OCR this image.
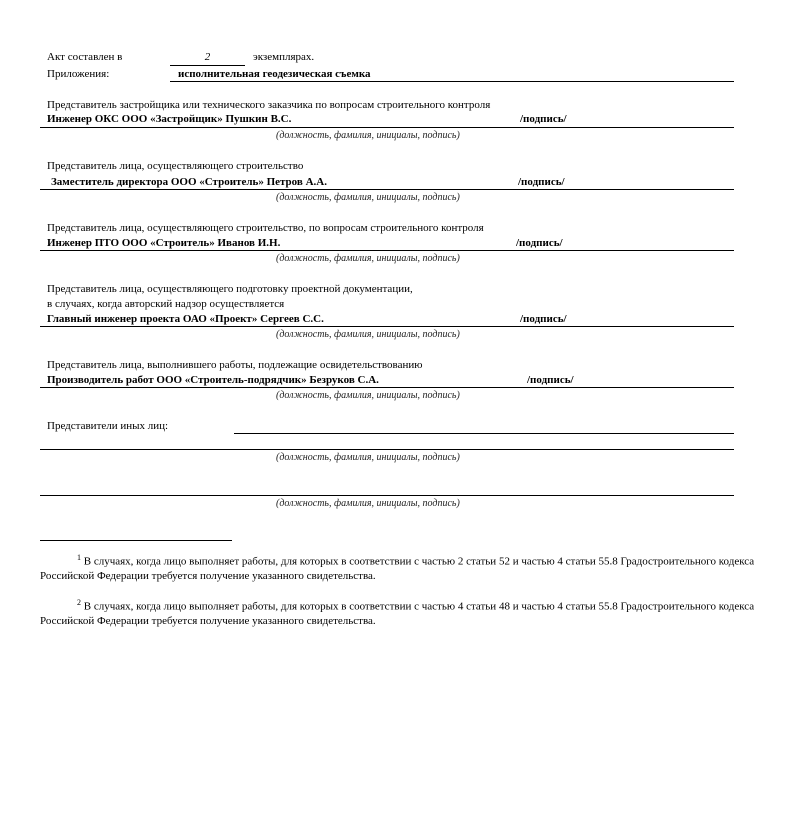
Акт составлен в	2	экземплярах.
Приложения:	исполнительная геодезическая съемка
Представитель застройщика или технического заказчика по вопросам строительного контроля
Инженер ОКС ООО «Застройщик» Пушкин В.С.	/подпись/
(должность, фамилия, инициалы, подпись)
Представитель лица, осуществляющего строительство
Заместитель директора ООО «Строитель» Петров А.А.	/подпись/
(должность, фамилия, инициалы, подпись)
Представитель лица, осуществляющего строительство, по вопросам строительного контроля
Инженер ПТО ООО «Строитель» Иванов И.Н.	/подпись/
(должность, фамилия, инициалы, подпись)
Представитель лица, осуществляющего подготовку проектной документации,
в случаях, когда авторский надзор осуществляется
Главный инженер проекта ОАО «Проект» Сергеев С.С.	/подпись/
(должность, фамилия, инициалы, подпись)
Представитель лица, выполнившего работы, подлежащие освидетельствованию
Производитель работ ООО «Строитель-подрядчик» Безруков С.А.	/подпись/
(должность, фамилия, инициалы, подпись)
Представители иных лиц:
(должность, фамилия, инициалы, подпись)
(должность, фамилия, инициалы, подпись)
$^1$ В случаях, когда лицо выполняет работы, для которых в соответствии с частью 2 статьи 52 и частью 4 статьи 55.8 Градостроительного кодекса Российской Федерации требуется получение указанного свидетельства.
$^2$ В случаях, когда лицо выполняет работы, для которых в соответствии с частью 4 статьи 48 и частью 4 статьи 55.8 Градостроительного кодекса Российской Федерации требуется получение указанного свидетельства.
